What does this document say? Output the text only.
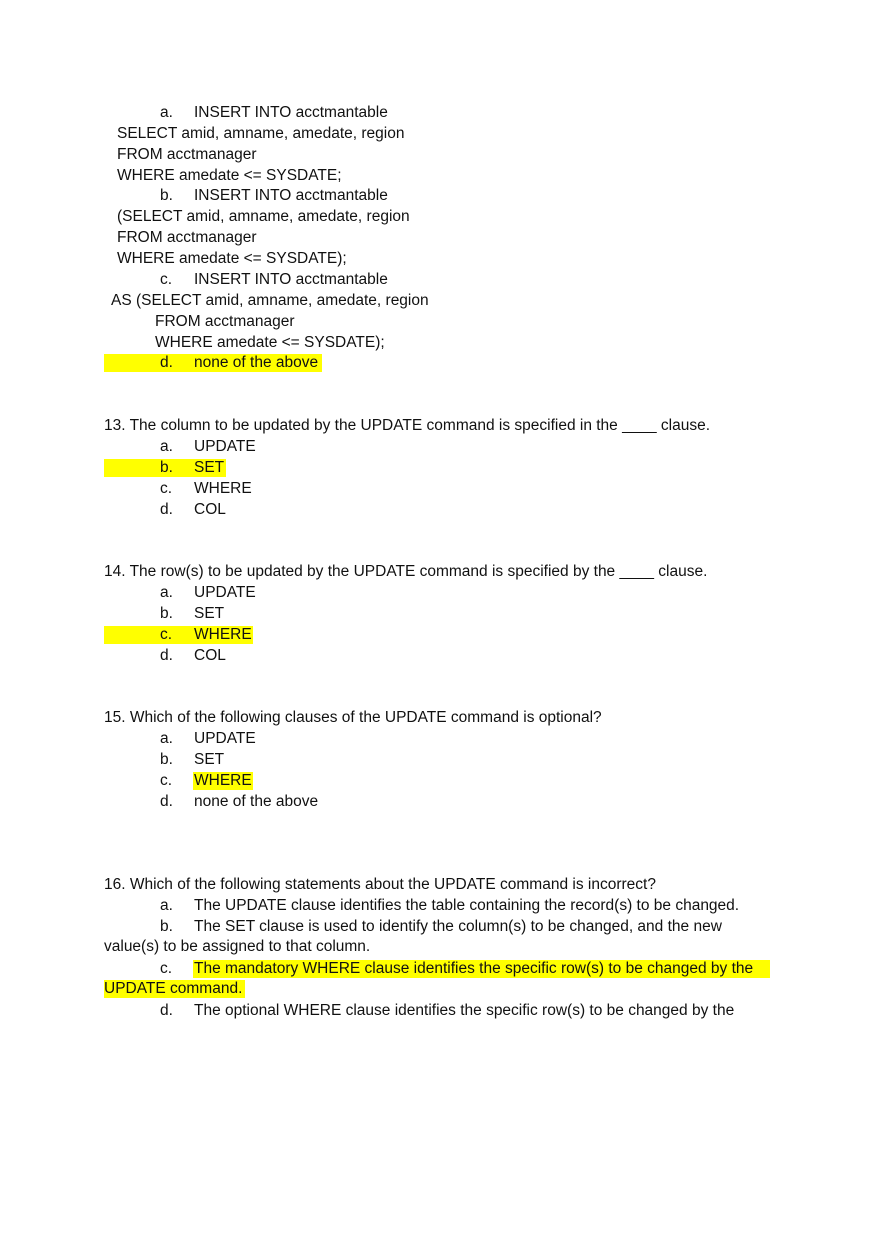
a. INSERT INTO acctmantable
SELECT amid, amname, amedate, region
FROM acctmanager
WHERE amedate <= SYSDATE;
b. INSERT INTO acctmantable
(SELECT amid, amname, amedate, region
FROM acctmanager
WHERE amedate <= SYSDATE);
c. INSERT INTO acctmantable
AS (SELECT amid, amname, amedate, region
FROM acctmanager
WHERE amedate <= SYSDATE);
d. none of the above
13. The column to be updated by the UPDATE command is specified in the ____ clause.
a. UPDATE
b. SET
c. WHERE
d. COL
14. The row(s) to be updated by the UPDATE command is specified by the ____ clause.
a. UPDATE
b. SET
c. WHERE
d. COL
15. Which of the following clauses of the UPDATE command is optional?
a. UPDATE
b. SET
c. WHERE
d. none of the above
16. Which of the following statements about the UPDATE command is incorrect?
a. The UPDATE clause identifies the table containing the record(s) to be changed.
b. The SET clause is used to identify the column(s) to be changed, and the new
value(s) to be assigned to that column.
c. The mandatory WHERE clause identifies the specific row(s) to be changed by the
UPDATE command.
d. The optional WHERE clause identifies the specific row(s) to be changed by the
